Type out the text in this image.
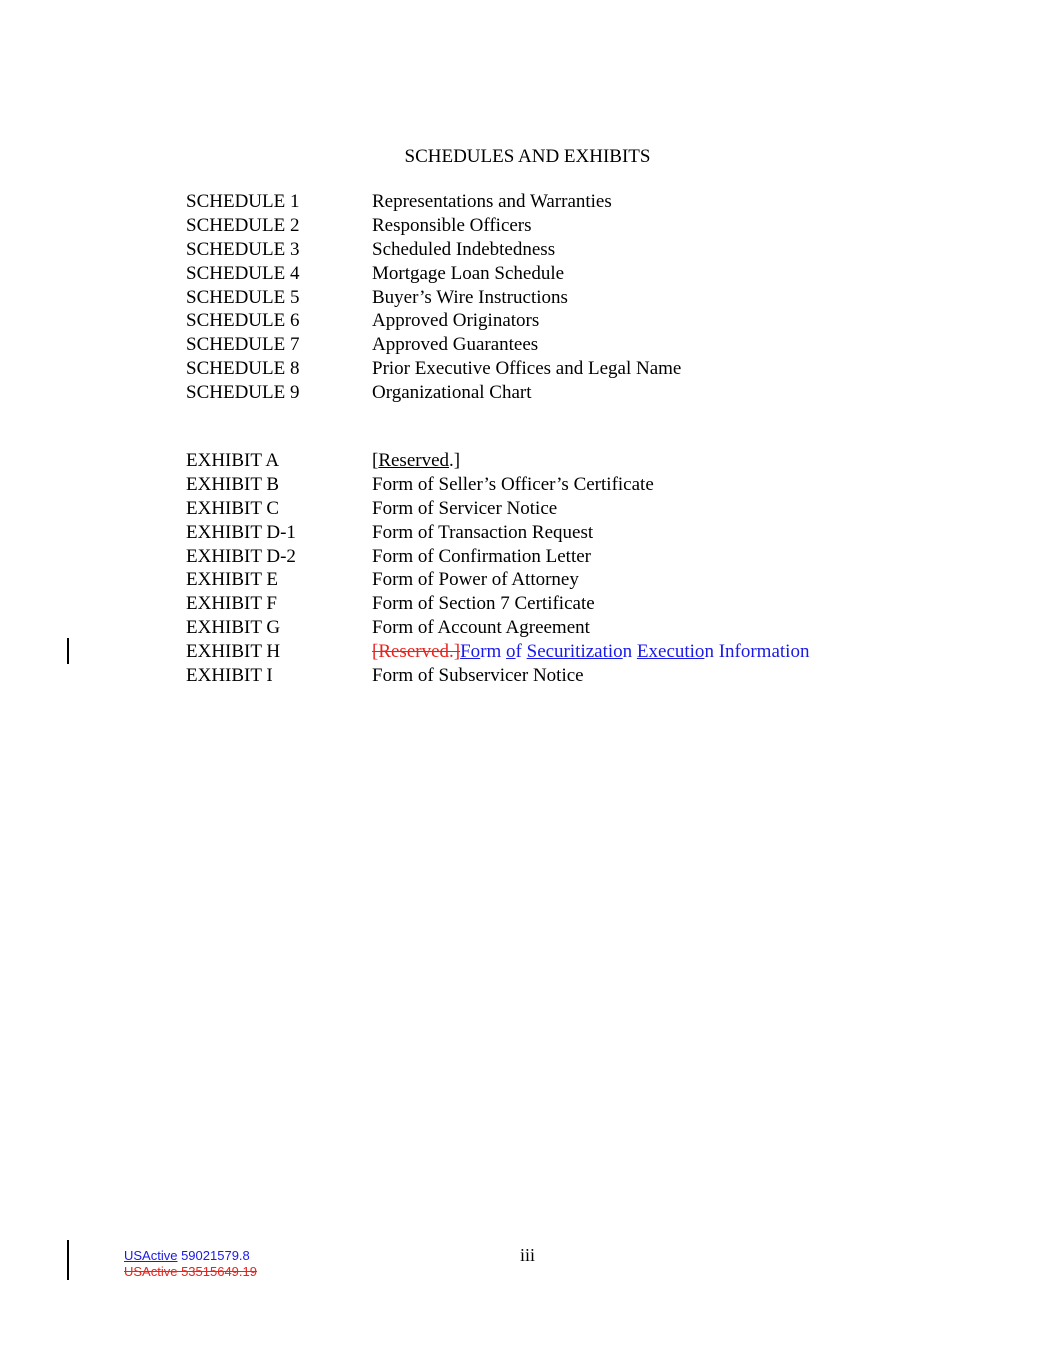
SCHEDULES AND EXHIBITS
SCHEDULE 1	Representations and Warranties
SCHEDULE 2	Responsible Officers
SCHEDULE 3	Scheduled Indebtedness
SCHEDULE 4	Mortgage Loan Schedule
SCHEDULE 5	Buyer’s Wire Instructions
SCHEDULE 6	Approved Originators
SCHEDULE 7	Approved Guarantees
SCHEDULE 8	Prior Executive Offices and Legal Name
SCHEDULE 9	Organizational Chart
EXHIBIT A	[Reserved.]
EXHIBIT B	Form of Seller’s Officer’s Certificate
EXHIBIT C	Form of Servicer Notice
EXHIBIT D-1	Form of Transaction Request
EXHIBIT D-2	Form of Confirmation Letter
EXHIBIT E	Form of Power of Attorney
EXHIBIT F	Form of Section 7 Certificate
EXHIBIT G	Form of Account Agreement
EXHIBIT H	[Reserved.]Form of Securitization Execution Information
EXHIBIT I	Form of Subservicer Notice
iii
USActive 59021579.8
USActive 53515649.19
